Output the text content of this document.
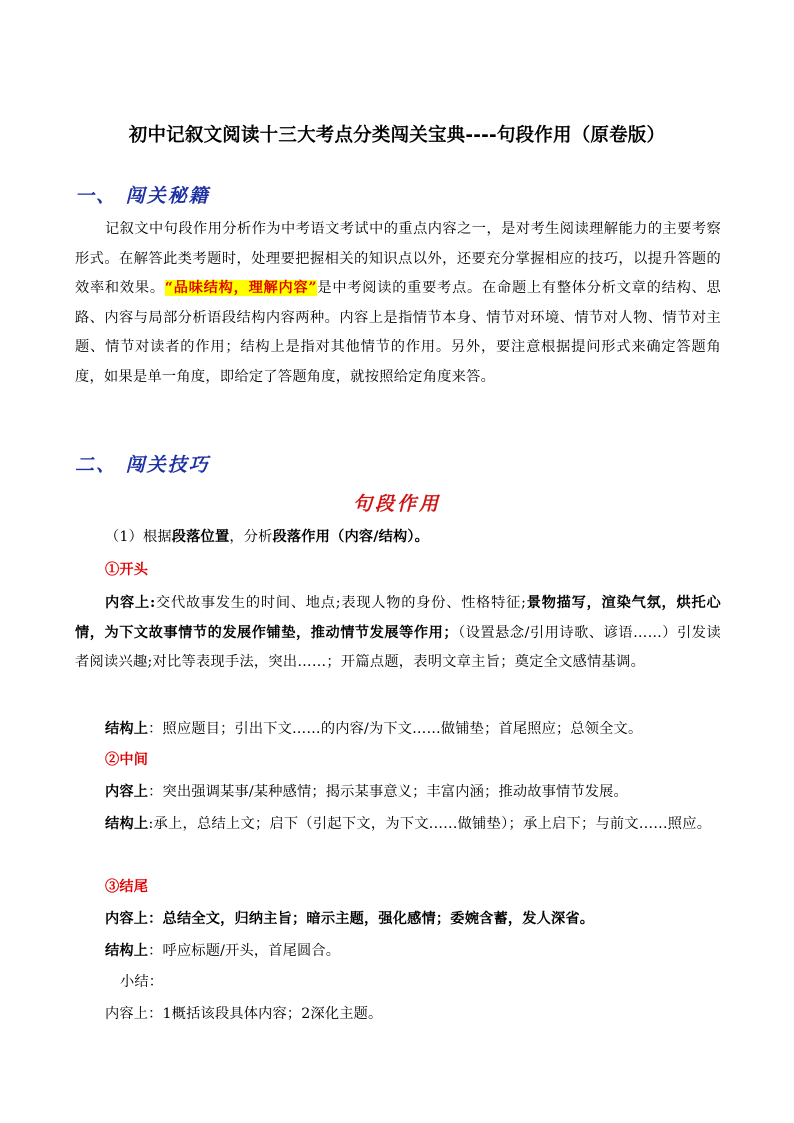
初中记叙文阅读十三大考点分类闯关宝典----句段作用（原卷版）
一、 闯关秘籍
记叙文中句段作用分析作为中考语文考试中的重点内容之一，是对考生阅读理解能力的主要考察形式。在解答此类考题时，处理要把握相关的知识点以外，还要充分掌握相应的技巧，以提升答题的效率和效果。“品味结构，理解内容”是中考阅读的重要考点。在命题上有整体分析文章的结构、思路、内容与局部分析语段结构内容两种。内容上是指情节本身、情节对环境、情节对人物、情节对主题、情节对读者的作用；结构上是指对其他情节的作用。另外，要注意根据提问形式来确定答题角度，如果是单一角度，即给定了答题角度，就按照给定角度来答。
二、 闯关技巧
句段作用
（1）根据段落位置，分析段落作用（内容/结构）。
①开头
内容上:交代故事发生的时间、地点;表现人物的身份、性格特征;景物描写，渲染气氛，烘托心情，为下文故事情节的发展作铺垫，推动情节发展等作用；（设置悬念/引用诗歌、谚语……）引发读者阅读兴趣;对比等表现手法，突出……；开篇点题，表明文章主旨；奠定全文感情基调。
结构上：照应题目；引出下文……的内容/为下文……做铺垫；首尾照应；总领全文。
②中间
内容上：突出强调某事/某种感情；揭示某事意义；丰富内涵；推动故事情节发展。
结构上:承上，总结上文；启下（引起下文，为下文......做铺垫）；承上启下；与前文......照应。
③结尾
内容上：总结全文，归纳主旨；暗示主题，强化感情；委婉含蓄，发人深省。
结构上：呼应标题/开头，首尾圆合。
小结：
内容上：1概括该段具体内容；2深化主题。
